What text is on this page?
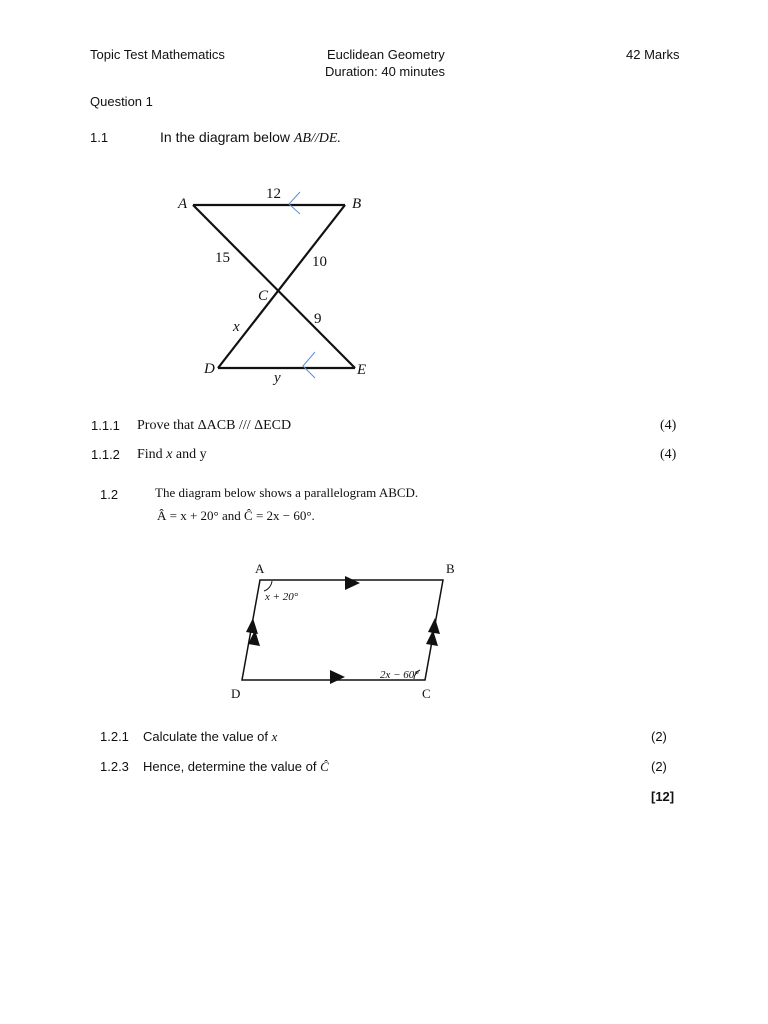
Topic Test Mathematics	Euclidean Geometry
Duration: 40 minutes
42 Marks
Question 1
1.1	In the diagram below AB//DE.
A	B
C
D	E
12
15	10
9
x
y
1.1.1 Prove that ΔACB /// ΔECD	(4)
1.1.2 Find x and y	(4)
1.2	The diagram below shows a parallelogram ABCD.
Â = x + 20° and Ĉ = 2x − 60°.
A	B
C
D
x + 20°
2x − 60°
1.2.1 Calculate the value of x	(2)
1.2.3 Hence, determine the value of Ĉ	(2)
[12]
